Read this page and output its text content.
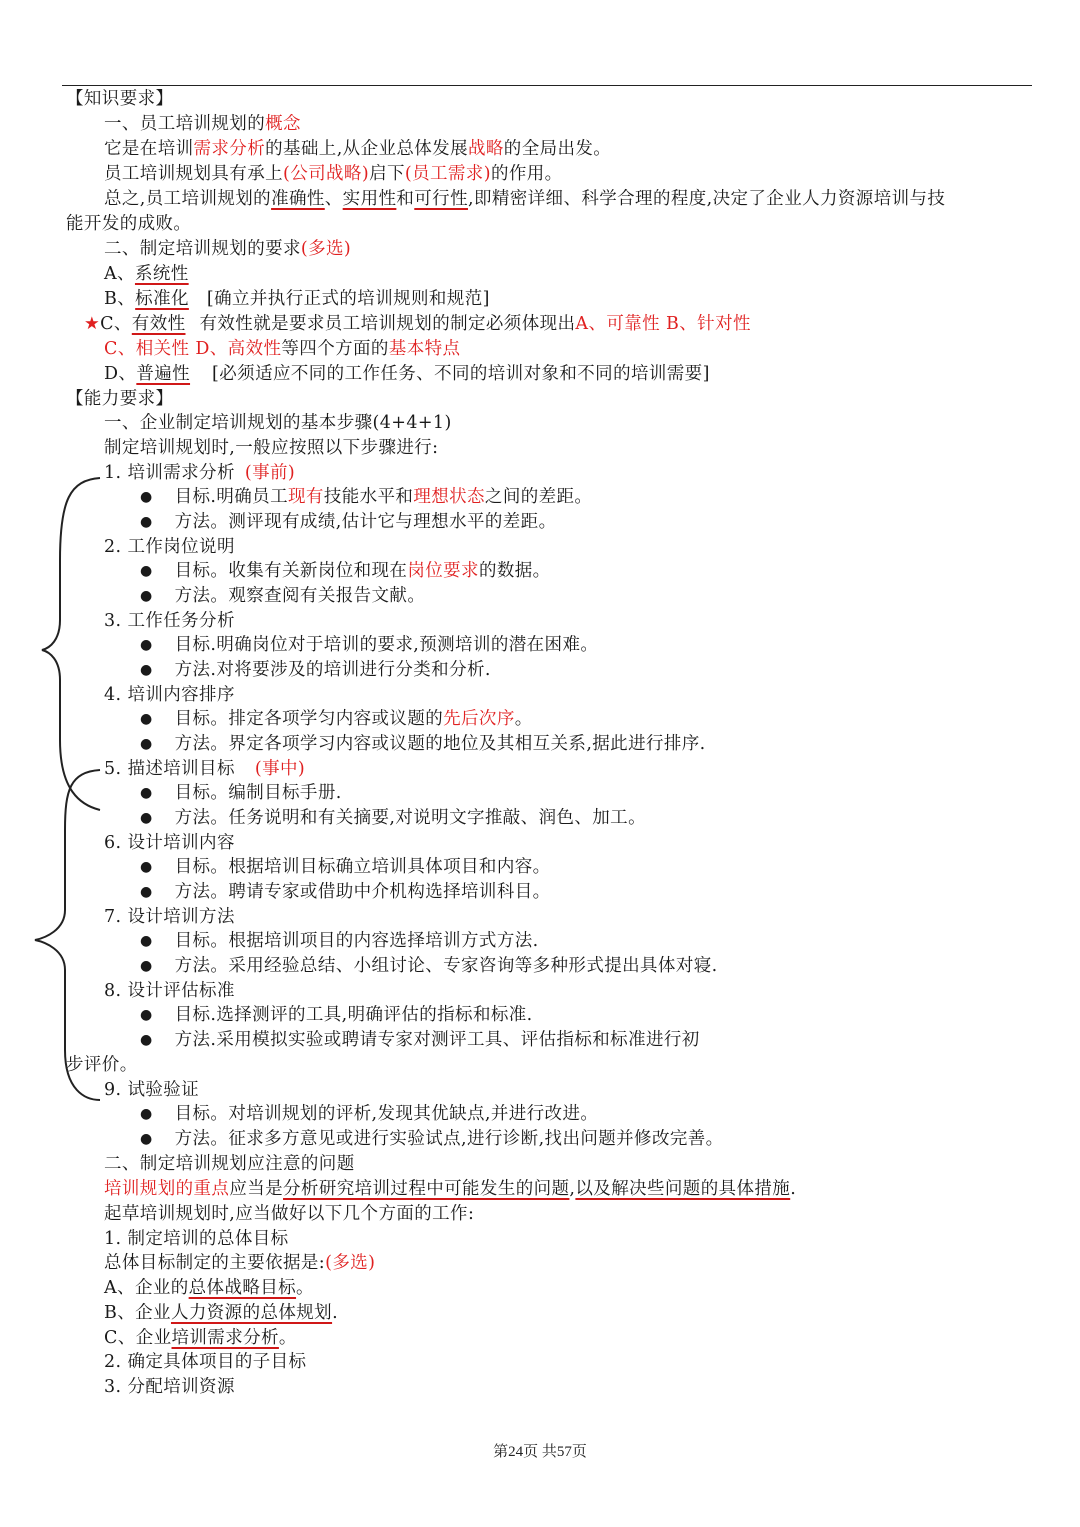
【知识要求】
一、员工培训规划的概念
它是在培训需求分析的基础上,从企业总体发展战略的全局出发。
员工培训规划具有承上(公司战略)启下(员工需求)的作用。
总之,员工培训规划的准确性、实用性和可行性,即精密详细、科学合理的程度,决定了企业人力资源培训与技
能开发的成败。
二、制定培训规划的要求(多选)
A、系统性
B、标准化 [确立并执行正式的培训规则和规范]
★C、有效性 有效性就是要求员工培训规划的制定必须体现出A、可靠性 B、针对性
C、相关性 D、高效性等四个方面的基本特点
D、普遍性 [必须适应不同的工作任务、不同的培训对象和不同的培训需要]
【能力要求】
一、企业制定培训规划的基本步骤(4+4+1)
制定培训规划时,一般应按照以下步骤进行:
1. 培训需求分析 (事前)
● 目标.明确员工现有技能水平和理想状态之间的差距。
● 方法。测评现有成绩,估计它与理想水平的差距。
2. 工作岗位说明
● 目标。收集有关新岗位和现在岗位要求的数据。
● 方法。观察查阅有关报告文献。
3. 工作任务分析
● 目标.明确岗位对于培训的要求,预测培训的潜在困难。
● 方法.对将要涉及的培训进行分类和分析.
4. 培训内容排序
● 目标。排定各项学匀内容或议题的先后次序。
● 方法。界定各项学习内容或议题的地位及其相互关系,据此进行排序.
5. 描述培训目标 (事中)
● 目标。编制目标手册.
● 方法。任务说明和有关摘要,对说明文字推敲、润色、加工。
6. 设计培训内容
● 目标。根据培训目标确立培训具体项目和内容。
● 方法。聘请专家或借助中介机构选择培训科目。
7. 设计培训方法
● 目标。根据培训项目的内容选择培训方式方法.
● 方法。采用经验总结、小组讨论、专家咨询等多种形式提出具体对寝.
8. 设计评估标准
● 目标.选择测评的工具,明确评估的指标和标准.
● 方法.采用模拟实验或聘请专家对测评工具、评估指标和标准进行初
步评价。
9. 试验验证
● 目标。对培训规划的评析,发现其优缺点,并进行改进。
● 方法。征求多方意见或进行实验试点,进行诊断,找出问题并修改完善。
二、制定培训规划应注意的问题
培训规划的重点应当是分析研究培训过程中可能发生的问题,以及解决些问题的具体措施.
起草培训规划时,应当做好以下几个方面的工作:
1. 制定培训的总体目标
总体目标制定的主要依据是:(多选)
A、企业的总体战略目标。
B、企业人力资源的总体规划.
C、企业培训需求分析。
2. 确定具体项目的子目标
3. 分配培训资源
第24页 共57页
